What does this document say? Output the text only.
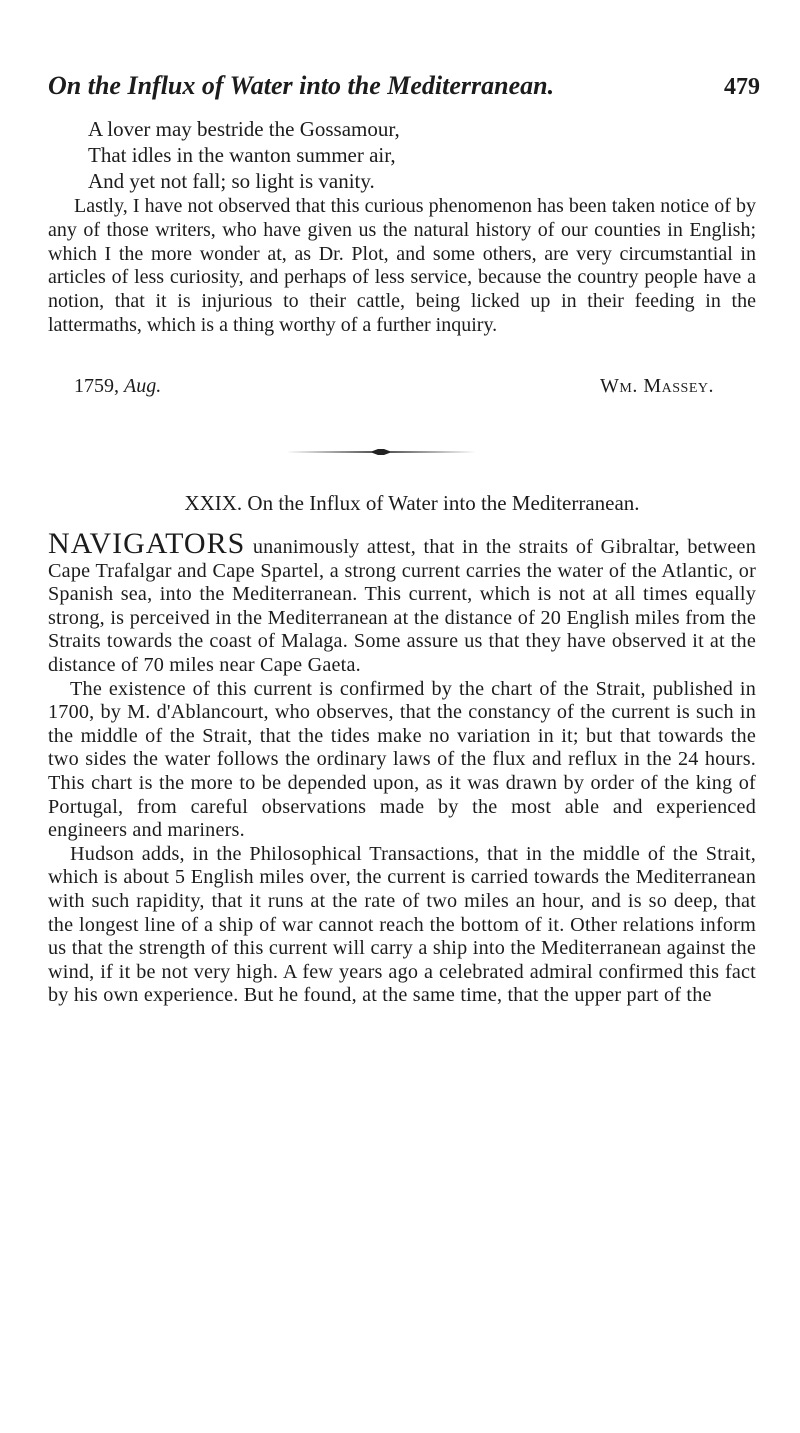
On the Influx of Water into the Mediterranean.	479
A lover may bestride the Gossamour,
That idles in the wanton summer air,
And yet not fall; so light is vanity.
Lastly, I have not observed that this curious phenomenon has been taken notice of by any of those writers, who have given us the natural history of our counties in English; which I the more wonder at, as Dr. Plot, and some others, are very circumstantial in articles of less curiosity, and perhaps of less service, because the country people have a notion, that it is injurious to their cattle, being licked up in their feeding in the lattermaths, which is a thing worthy of a further inquiry.
1759, Aug.	Wm. Massey.
XXIX. On the Influx of Water into the Mediterranean.

NAVIGATORS unanimously attest, that in the straits of Gibraltar, between Cape Trafalgar and Cape Spartel, a strong current carries the water of the Atlantic, or Spanish sea, into the Mediterranean. This current, which is not at all times equally strong, is perceived in the Mediterranean at the distance of 20 English miles from the Straits towards the coast of Malaga. Some assure us that they have observed it at the distance of 70 miles near Cape Gaeta.

The existence of this current is confirmed by the chart of the Strait, published in 1700, by M. d'Ablancourt, who observes, that the constancy of the current is such in the middle of the Strait, that the tides make no variation in it; but that towards the two sides the water follows the ordinary laws of the flux and reflux in the 24 hours. This chart is the more to be depended upon, as it was drawn by order of the king of Portugal, from careful observations made by the most able and experienced engineers and mariners.

Hudson adds, in the Philosophical Transactions, that in the middle of the Strait, which is about 5 English miles over, the current is carried towards the Mediterranean with such rapidity, that it runs at the rate of two miles an hour, and is so deep, that the longest line of a ship of war cannot reach the bottom of it. Other relations inform us that the strength of this current will carry a ship into the Mediterranean against the wind, if it be not very high. A few years ago a celebrated admiral confirmed this fact by his own experience. But he found, at the same time, that the upper part of the
